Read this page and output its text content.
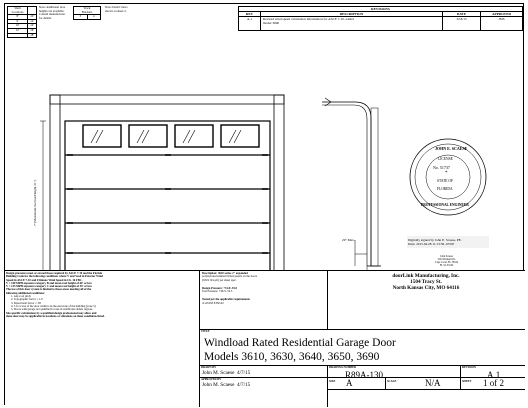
Shaft
Locations	
8'	10'
9'	12'
10'	14'
12'	16'
	18'
Note: Additional door
heights are available.
Consult manufacturer
for details.
Track
Brackets
3	4
Note: Detail views
shown on sheet 2.	REVISIONS			
REV	DESCRIPTION	DATE	APPROVED
A.1	Revised wind speed calculation information for ASCE 7-10, added
model 3690	3/18/15	JMS
7' (Maximum Section Height 21")
29" Max.
JOHN E. SCAESE
LICENSE
No. 51737
*
STATE OF
FLORIDA
PROFESSIONAL ENGINEER
Digitally signed by John E. Scaese, PE.
Date: 2015.04.28 11:13:56 -05'00'
John Scaese
3161 Dickens Dr.
Cape Coral, FL 33914
FL 52-33134
Design pressures meet or exceed those required by ASCE 7-10 and the Florida
Building Code for the following conditions where V and Vasd in Exterior Wind
Speed in ASCE 7-10 and Ultimate Wind Speed in Ch. 16 FBC.
V = 160 MPH exposure category B and mean roof height of 60' or less
V = 135 MPH exposure category C and mean roof height of 30' or less
The use of this door system is limited to those areas meeting all of the
following additional conditions:
1. Any roof pitch
2. Topographic factor = 1.0
3. Directional factor = .85
4. 5 ft or less of the door width is in the end zone of the building (zone 5)
5. Doors with garage not qualified for use in windborne debris regions
Site specific calculations by a qualified design professional may allow and
these door may be applicable in locations or situations on these conditions listed.
Description: 3610 series 2" expanded
polystyrene/nominal ribbed panels on the doors
(XXX lb/sq.ft) per sheet spec.
Design Pressure: +31.0/-35.0
Test Pressure: +46.5/-52.5
Tested per the applicable requirements
of ASTM E330-02
DRAWN BY
John M. Scaese 4/7/15
APPROVED BY
John M. Scaese 4/7/15
doorLink Manufacturing, Inc.
1504 Tracy St.
North Kansas City, MO 64116
TITLE
Windload Rated Residential Garage Door
Models 3610, 3630, 3640, 3650, 3690
DRAWING NUMBER
R89A-130
REVISION
A.1
SIZE A	SCALE	N/A	SHEET 1 of 2
